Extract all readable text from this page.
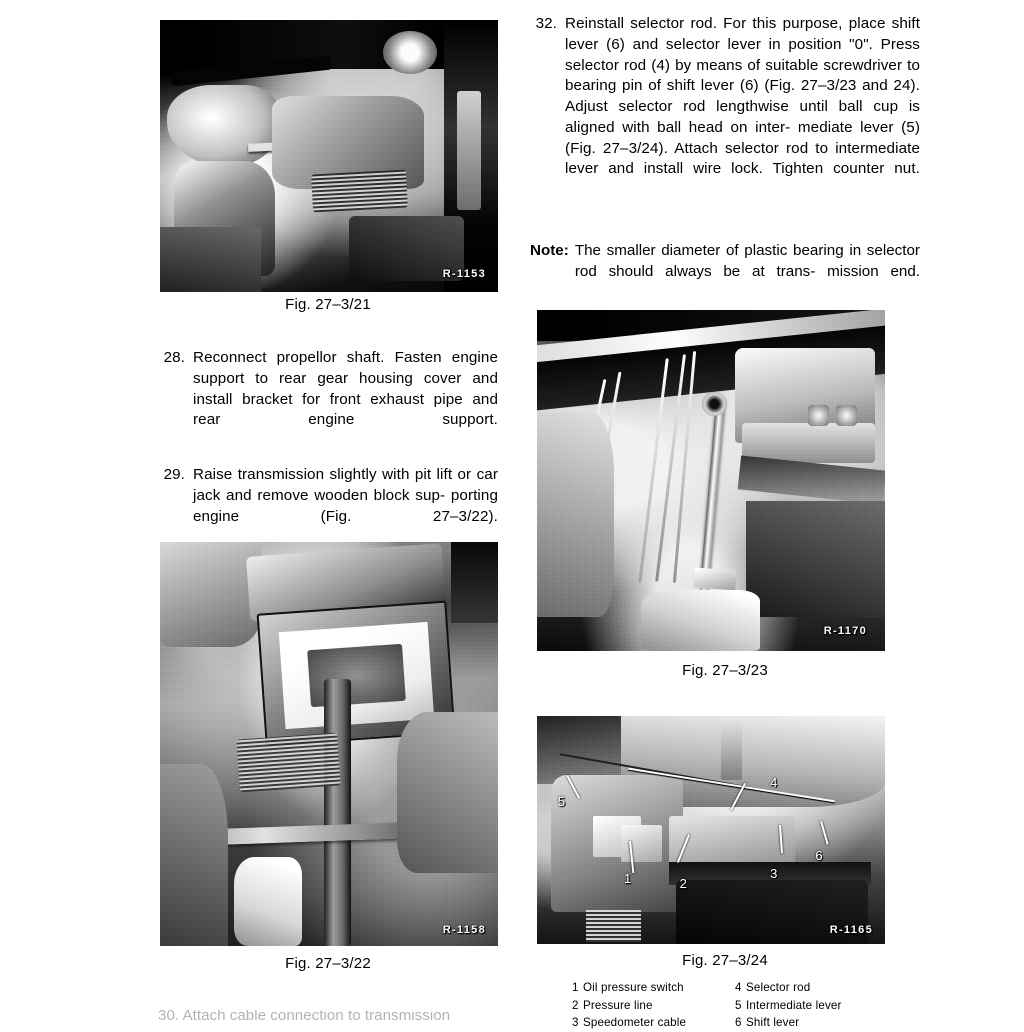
R-1153
Fig. 27–3/21
28. Reconnect propellor shaft. Fasten engine support to rear gear housing cover and install bracket for front exhaust pipe and rear engine support.
29. Raise transmission slightly with pit lift or car jack and remove wooden block sup- porting engine (Fig. 27–3/22).
R-1158
Fig. 27–3/22
30. Attach cable connection to transmission
32. Reinstall selector rod. For this purpose, place shift lever (6) and selector lever in position "0". Press selector rod (4) by means of suitable screwdriver to bearing pin of shift lever (6) (Fig. 27–3/23 and 24). Adjust selector rod lengthwise until ball cup is aligned with ball head on inter- mediate lever (5) (Fig. 27–3/24). Attach selector rod to intermediate lever and install wire lock. Tighten counter nut.
Note: The smaller diameter of plastic bearing in selector rod should always be at trans- mission end.
R-1170
Fig. 27–3/23
5
4
1	2
3
6
R-1165
Fig. 27–3/24
1 Oil pressure switch
2 Pressure line
3 Speedometer cable
4 Selector rod
5 Intermediate lever
6 Shift lever
